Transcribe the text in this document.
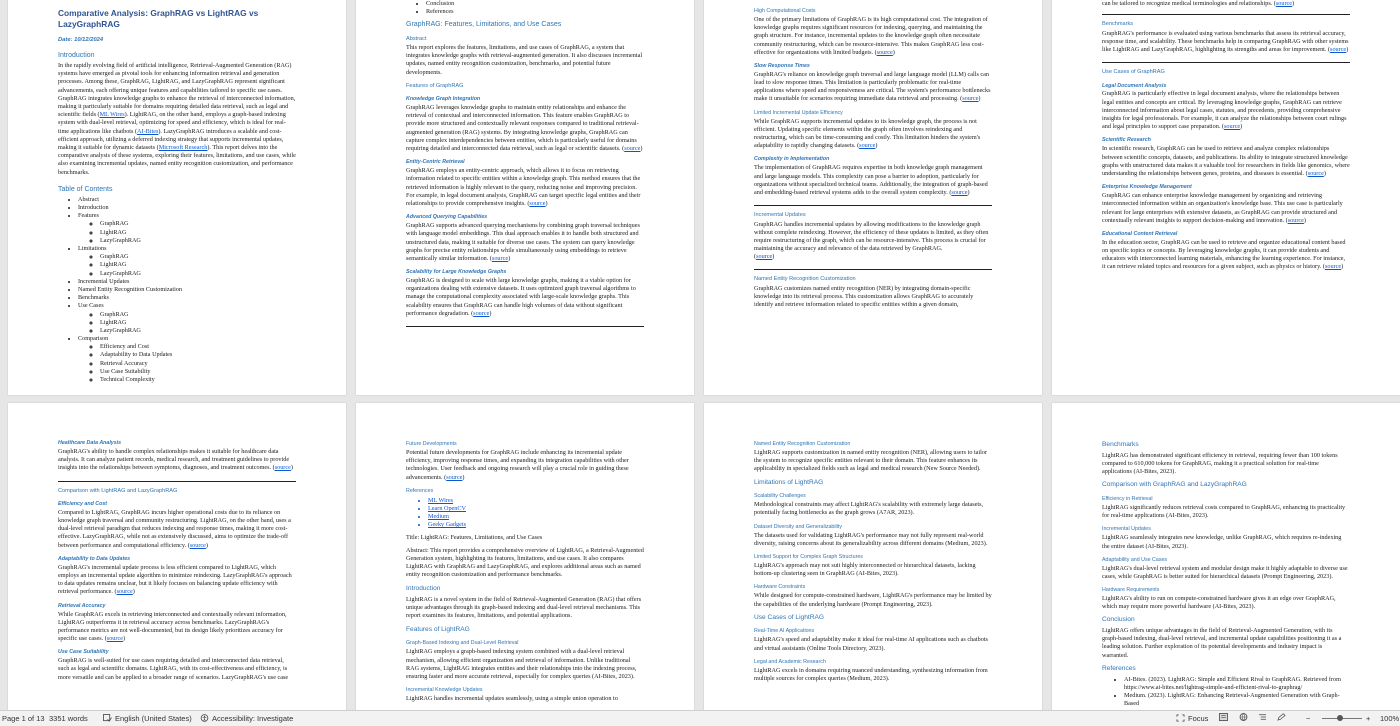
Comparative Analysis: GraphRAG vs LightRAG vs LazyGraphRAG
Date: 10/12/2024
Introduction
In the rapidly evolving field of artificial intelligence, Retrieval-Augmented Generation (RAG) systems have emerged as pivotal tools for enhancing information retrieval and generation processes. Among these, GraphRAG, LightRAG, and LazyGraphRAG represent significant advancements, each offering unique features and capabilities tailored to specific use cases. GraphRAG integrates knowledge graphs to enhance the retrieval of interconnected information, making it particularly suitable for domains requiring detailed data retrieval, such as legal and scientific fields (ML Wires). LightRAG, on the other hand, employs a graph-based indexing system with dual-level retrieval, optimizing for speed and efficiency, which is ideal for real-time applications like chatbots (AI-Bites). LazyGraphRAG introduces a scalable and cost-efficient approach, utilizing a deferred indexing strategy that supports incremental updates, making it suitable for dynamic datasets (Microsoft Research). This report delves into the comparative analysis of these systems, exploring their features, limitations, and use cases, while also examining incremental updates, named entity recognition customization, and performance benchmarks.
Table of Contents
• Abstract
• Introduction
• Features
◦ GraphRAG
◦ LightRAG
◦ LazyGraphRAG
• Limitations
◦ GraphRAG
◦ LightRAG
◦ LazyGraphRAG
• Incremental Updates
• Named Entity Recognition Customization
• Benchmarks
• Use Cases
◦ GraphRAG
◦ LightRAG
◦ LazyGraphRAG
• Comparison
◦ Efficiency and Cost
◦ Adaptability to Data Updates
◦ Retrieval Accuracy
◦ Use Case Suitability
◦ Technical Complexity
• Conclusion
• References
GraphRAG: Features, Limitations, and Use Cases
Abstract
This report explores the features, limitations, and use cases of GraphRAG, a system that integrates knowledge graphs with retrieval-augmented generation. It also discusses incremental updates, named entity recognition customization, benchmarks, and potential future developments.
Features of GraphRAG
Knowledge Graph Integration
GraphRAG leverages knowledge graphs to maintain entity relationships and enhance the retrieval of contextual and interconnected information. This feature enables GraphRAG to provide more structured and contextually relevant responses compared to traditional retrieval-augmented generation (RAG) systems. By integrating knowledge graphs, GraphRAG can capture complex interdependencies between entities, which is particularly useful for domains requiring detailed and interconnected data retrieval, such as legal or scientific datasets. (source)
Entity-Centric Retrieval
GraphRAG employs an entity-centric approach, which allows it to focus on retrieving information related to specific entities within a knowledge graph. This method ensures that the retrieved information is highly relevant to the query, reducing noise and improving precision. For example, in legal document analysis, GraphRAG can target specific legal entities and their relationships to provide comprehensive insights. (source)
Advanced Querying Capabilities
GraphRAG supports advanced querying mechanisms by combining graph traversal techniques with language model embeddings. This dual approach enables it to handle both structured and unstructured data, making it suitable for diverse use cases. The system can query knowledge graphs for precise entity relationships while simultaneously using embeddings to retrieve semantically similar information. (source)
Scalability for Large Knowledge Graphs
GraphRAG is designed to scale with large knowledge graphs, making it a viable option for organizations dealing with extensive datasets. It uses optimized graph traversal algorithms to manage the computational complexity associated with large-scale knowledge graphs. This scalability ensures that GraphRAG can handle high volumes of data without significant performance degradation. (source)
High Computational Costs
One of the primary limitations of GraphRAG is its high computational cost. The integration of knowledge graphs requires significant resources for indexing, querying, and maintaining the graph structure. For instance, incremental updates to the knowledge graph often necessitate community restructuring, which can be resource-intensive. This makes GraphRAG less cost-effective for organizations with limited budgets. (source)
Slow Response Times
GraphRAG's reliance on knowledge graph traversal and large language model (LLM) calls can lead to slow response times. This limitation is particularly problematic for real-time applications where speed and responsiveness are critical. The system's performance bottlenecks make it unsuitable for scenarios requiring immediate data retrieval and processing. (source)
Limited Incremental Update Efficiency
While GraphRAG supports incremental updates to its knowledge graph, the process is not efficient. Updating specific elements within the graph often involves reindexing and restructuring, which can be time-consuming and costly. This limitation hinders the system's adaptability to rapidly changing datasets. (source)
Complexity in Implementation
The implementation of GraphRAG requires expertise in both knowledge graph management and large language models. This complexity can pose a barrier to adoption, particularly for organizations without specialized technical teams. Additionally, the integration of graph-based and embedding-based retrieval systems adds to the overall system complexity. (source)
Incremental Updates
GraphRAG handles incremental updates by allowing modifications to the knowledge graph without complete reindexing. However, the efficiency of these updates is limited, as they often require restructuring of the graph, which can be resource-intensive. This process is crucial for maintaining the accuracy and relevance of the data retrieved by GraphRAG.
(source)
Named Entity Recognition Customization
GraphRAG customizes named entity recognition (NER) by integrating domain-specific knowledge into its retrieval process. This customization allows GraphRAG to accurately identify and retrieve information related to specific entities within a given domain,
can be tailored to recognize medical terminologies and relationships. (source)
Benchmarks
GraphRAG's performance is evaluated using various benchmarks that assess its retrieval accuracy, response time, and scalability. These benchmarks help in comparing GraphRAG with other systems like LightRAG and LazyGraphRAG, highlighting its strengths and areas for improvement. (source)
Use Cases of GraphRAG
Legal Document Analysis
GraphRAG is particularly effective in legal document analysis, where the relationships between legal entities and concepts are critical. By leveraging knowledge graphs, GraphRAG can retrieve interconnected information about legal cases, statutes, and precedents, providing comprehensive insights for legal professionals. For example, it can analyze the relationships between court rulings and legal principles to support case preparation. (source)
Scientific Research
In scientific research, GraphRAG can be used to retrieve and analyze complex relationships between scientific concepts, datasets, and publications. Its ability to integrate structured knowledge graphs with unstructured data makes it a valuable tool for researchers in fields like genomics, where understanding the relationships between genes, proteins, and diseases is essential. (source)
Enterprise Knowledge Management
GraphRAG can enhance enterprise knowledge management by organizing and retrieving interconnected information within an organization's knowledge base. This use case is particularly relevant for large enterprises with extensive datasets, as GraphRAG can provide structured and contextually relevant insights to support decision-making and innovation. (source)
Educational Content Retrieval
In the education sector, GraphRAG can be used to retrieve and organize educational content based on specific topics or concepts. By leveraging knowledge graphs, it can provide students and educators with interconnected learning materials, enhancing the learning experience. For instance, it can retrieve related topics and resources for a given subject, such as physics or history. (source)
Healthcare Data Analysis
GraphRAG's ability to handle complex relationships makes it suitable for healthcare data analysis. It can analyze patient records, medical research, and treatment guidelines to provide insights into the relationships between symptoms, diagnoses, and treatment outcomes. (source)
Comparison with LightRAG and LazyGraphRAG
Efficiency and Cost
Compared to LightRAG, GraphRAG incurs higher operational costs due to its reliance on knowledge graph traversal and community restructuring. LightRAG, on the other hand, uses a dual-level retrieval paradigm that reduces indexing and response times, making it more cost-effective. LazyGraphRAG, while not as extensively discussed, aims to optimize the trade-off between performance and computational efficiency. (source)
Adaptability to Data Updates
GraphRAG's incremental update process is less efficient compared to LightRAG, which employs an incremental update algorithm to minimize reindexing. LazyGraphRAG's approach to data updates remains unclear, but it likely focuses on balancing update efficiency with retrieval performance. (source)
Retrieval Accuracy
While GraphRAG excels in retrieving interconnected and contextually relevant information, LightRAG outperforms it in retrieval accuracy across benchmarks. LazyGraphRAG's performance metrics are not well-documented, but its design likely prioritizes accuracy for specific use cases. (source)
Use Case Suitability
GraphRAG is well-suited for use cases requiring detailed and interconnected data retrieval, such as legal and scientific domains. LightRAG, with its cost-effectiveness and efficiency, is more versatile and can be applied to a broader range of scenarios. LazyGraphRAG's use case
Future Developments
Potential future developments for GraphRAG include enhancing its incremental update efficiency, improving response times, and expanding its integration capabilities with other technologies. User feedback and ongoing research will play a crucial role in guiding these advancements. (source)
References
• ML Wires
• Learn OpenCV
• Medium
• Geeky Gadgets
Title: LightRAG: Features, Limitations, and Use Cases
Abstract: This report provides a comprehensive overview of LightRAG, a Retrieval-Augmented Generation system, highlighting its features, limitations, and use cases. It also compares LightRAG with GraphRAG and LazyGraphRAG, and explores additional areas such as named entity recognition customization and performance benchmarks.
Introduction
LightRAG is a novel system in the field of Retrieval-Augmented Generation (RAG) that offers unique advantages through its graph-based indexing and dual-level retrieval mechanisms. This report examines its features, limitations, and potential applications.
Features of LightRAG
Graph-Based Indexing and Dual-Level Retrieval
LightRAG employs a graph-based indexing system combined with a dual-level retrieval mechanism, allowing efficient organization and retrieval of information. Unlike traditional RAG systems, LightRAG integrates entities and their relationships into the indexing process, ensuring faster and more accurate retrieval, especially for complex queries (AI-Bites, 2023).
Incremental Knowledge Updates
LightRAG handles incremental updates seamlessly, using a simple union operation to
Named Entity Recognition Customization
LightRAG supports customization in named entity recognition (NER), allowing users to tailor the system to recognize specific entities relevant to their domain. This feature enhances its applicability in specialized fields such as legal and medical research (New Source Needed).
Limitations of LightRAG
Scalability Challenges
Methodological constraints may affect LightRAG's scalability with extremely large datasets, potentially facing bottlenecks as the graph grows (A7AR, 2023).
Dataset Diversity and Generalizability
The datasets used for validating LightRAG's performance may not fully represent real-world diversity, raising concerns about its generalizability across different domains (Medium, 2023).
Limited Support for Complex Graph Structures
LightRAG's approach may not suit highly interconnected or hierarchical datasets, lacking bottom-up clustering seen in GraphRAG (AI-Bites, 2023).
Hardware Constraints
While designed for compute-constrained hardware, LightRAG's performance may be limited by the capabilities of the underlying hardware (Prompt Engineering, 2023).
Use Cases of LightRAG
Real-Time AI Applications
LightRAG's speed and adaptability make it ideal for real-time AI applications such as chatbots and virtual assistants (Online Tools Directory, 2023).
Legal and Academic Research
LightRAG excels in domains requiring nuanced understanding, synthesizing information from multiple sources for complex queries (Medium, 2023).
Benchmarks
LightRAG has demonstrated significant efficiency in retrieval, requiring fewer than 100 tokens compared to 610,000 tokens for GraphRAG, making it a practical solution for real-time applications (AI-Bites, 2023).
Comparison with GraphRAG and LazyGraphRAG
Efficiency in Retrieval
LightRAG significantly reduces retrieval costs compared to GraphRAG, enhancing its practicality for real-time applications (AI-Bites, 2023).
Incremental Updates
LightRAG seamlessly integrates new knowledge, unlike GraphRAG, which requires re-indexing the entire dataset (AI-Bites, 2023).
Adaptability and Use Cases
LightRAG's dual-level retrieval system and modular design make it highly adaptable to diverse use cases, while GraphRAG is better suited for hierarchical datasets (Prompt Engineering, 2023).
Hardware Requirements
LightRAG's ability to run on compute-constrained hardware gives it an edge over GraphRAG, which may require more powerful hardware (AI-Bites, 2023).
Conclusion
LightRAG offers unique advantages in the field of Retrieval-Augmented Generation, with its graph-based indexing, dual-level retrieval, and incremental update capabilities positioning it as a leading solution. Further exploration of its potential developments and industry impact is warranted.
References
• AI-Bites. (2023). LightRAG: Simple and Efficient Rival to GraphRAG. Retrieved from https://www.ai-bites.net/lightrag-simple-and-efficient-rival-to-graphrag/
• Medium. (2023). LightRAG: Enhancing Retrieval-Augmented Generation with Graph-Based
Page 1 of 13 3351 words	English (United States)	Accessibility: Investigate	Focus	−	+ 100%
